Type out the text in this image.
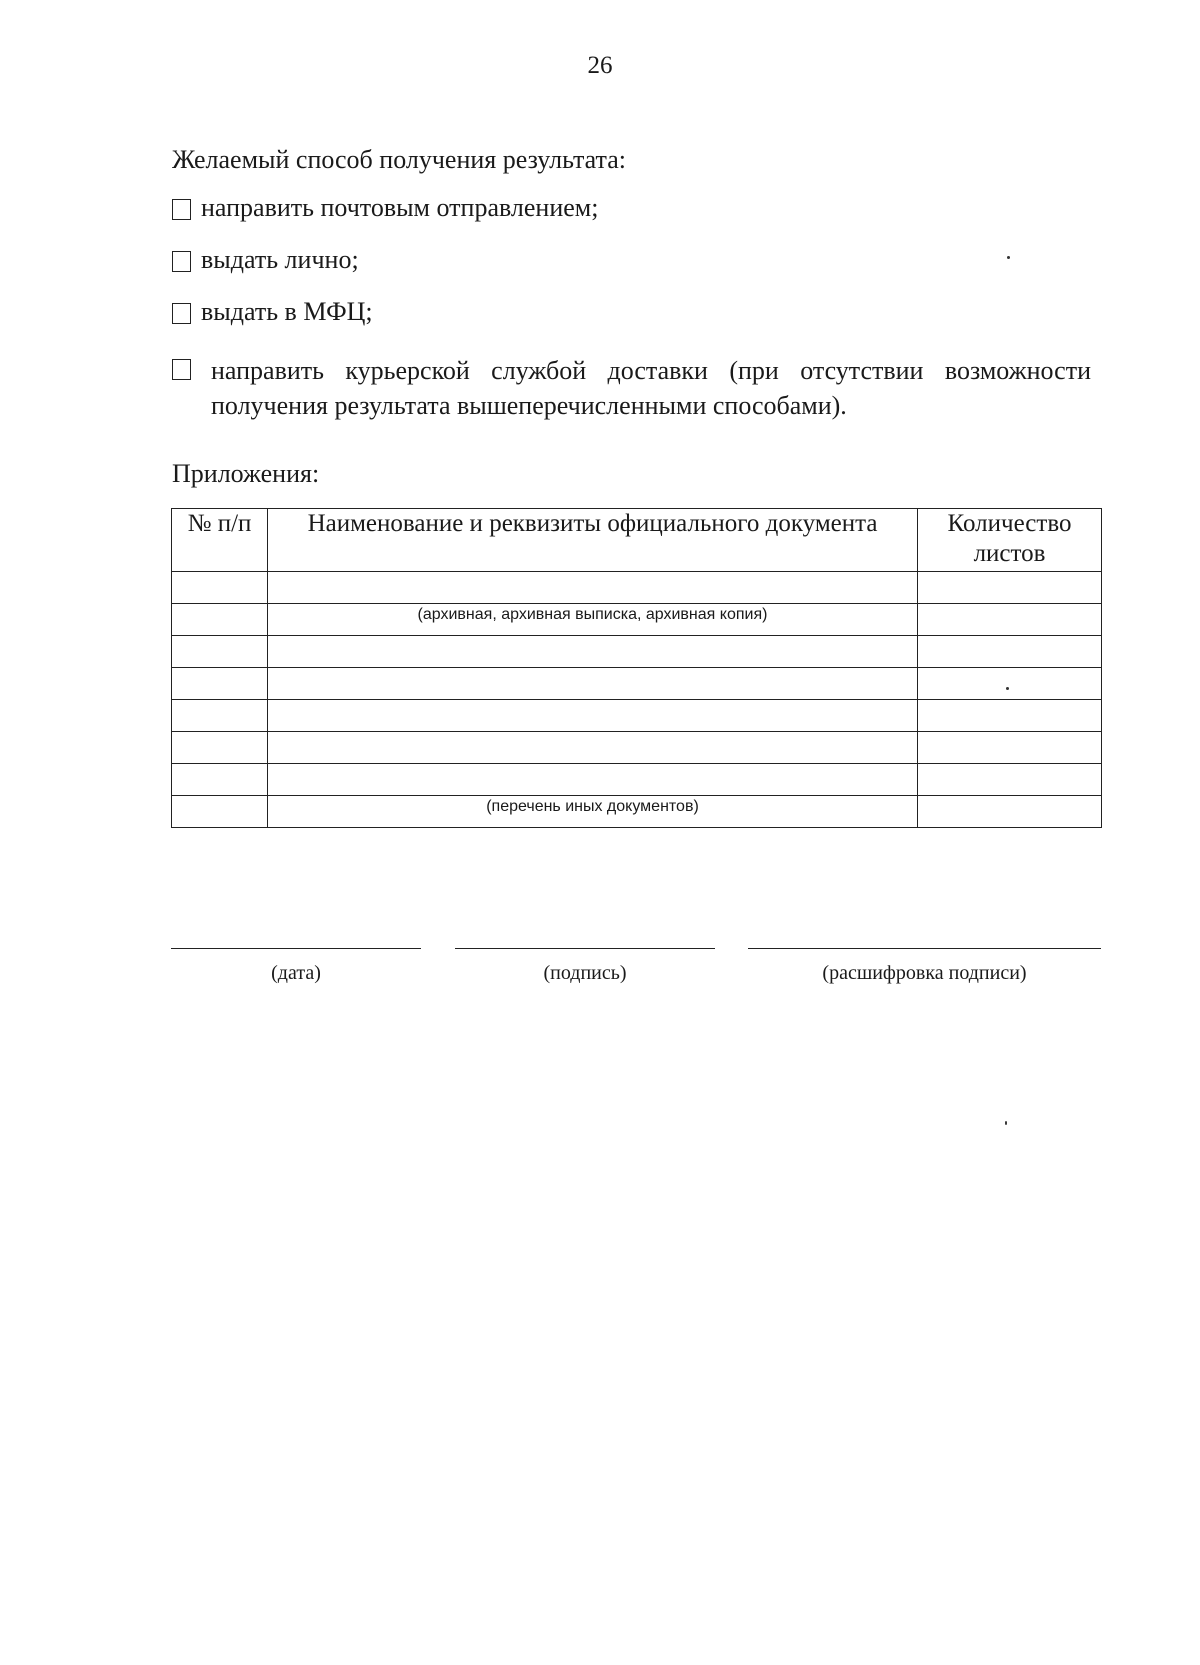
26
Желаемый способ получения результата:
направить почтовым отправлением;
выдать лично;
выдать в МФЦ;
направить курьерской службой доставки (при отсутствии возможности получения результата вышеперечисленными способами).
Приложения:
№ п/п	Наименование и реквизиты официального документа	Количество листов

	(архивная, архивная выписка, архивная копия)	

	(перечень иных документов)	
(дата)	(подпись)	(расшифровка подписи)
